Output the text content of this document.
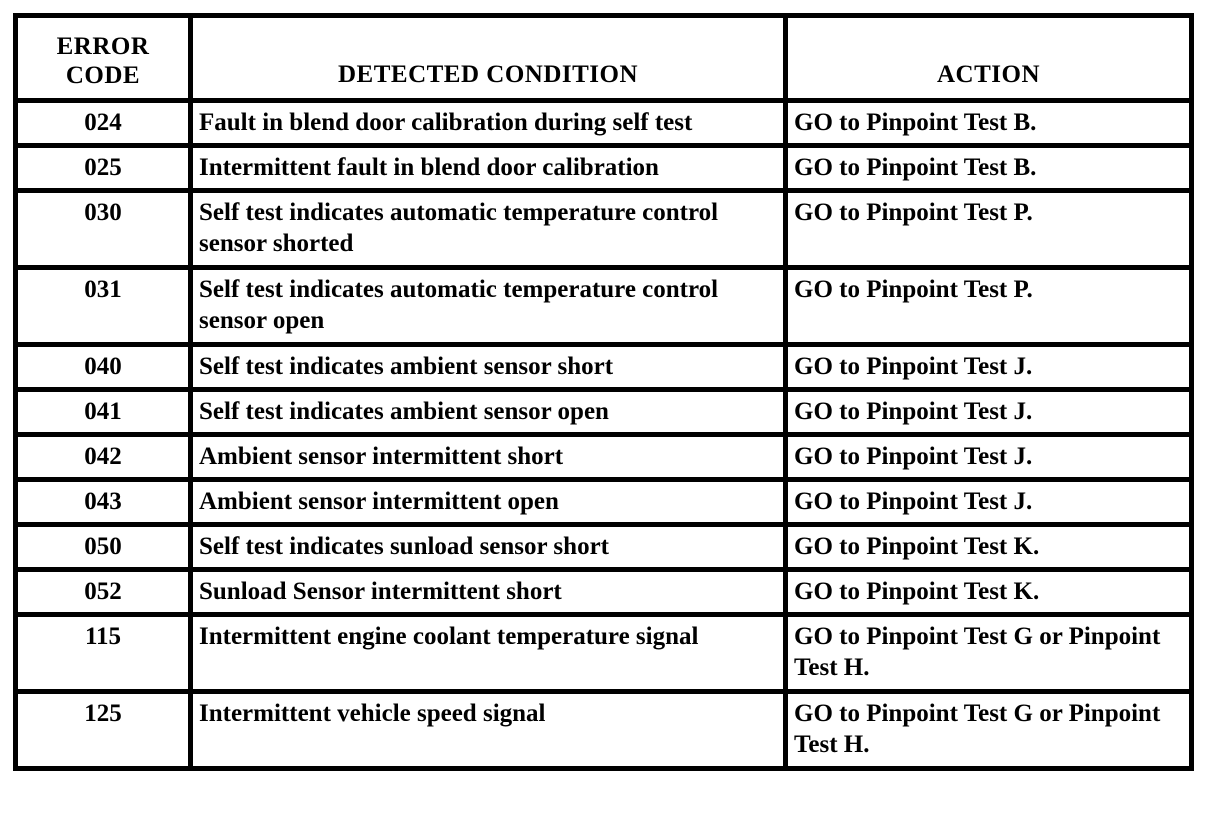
ERROR
CODE	DETECTED CONDITION	ACTION
024	Fault in blend door calibration during self test	GO to Pinpoint Test B.
025	Intermittent fault in blend door calibration	GO to Pinpoint Test B.
030	Self test indicates automatic temperature control sensor shorted	GO to Pinpoint Test P.
031	Self test indicates automatic temperature control sensor open	GO to Pinpoint Test P.
040	Self test indicates ambient sensor short	GO to Pinpoint Test J.
041	Self test indicates ambient sensor open	GO to Pinpoint Test J.
042	Ambient sensor intermittent short	GO to Pinpoint Test J.
043	Ambient sensor intermittent open	GO to Pinpoint Test J.
050	Self test indicates sunload sensor short	GO to Pinpoint Test K.
052	Sunload Sensor intermittent short	GO to Pinpoint Test K.
115	Intermittent engine coolant temperature signal	GO to Pinpoint Test G or Pinpoint Test H.
125	Intermittent vehicle speed signal	GO to Pinpoint Test G or Pinpoint Test H.
